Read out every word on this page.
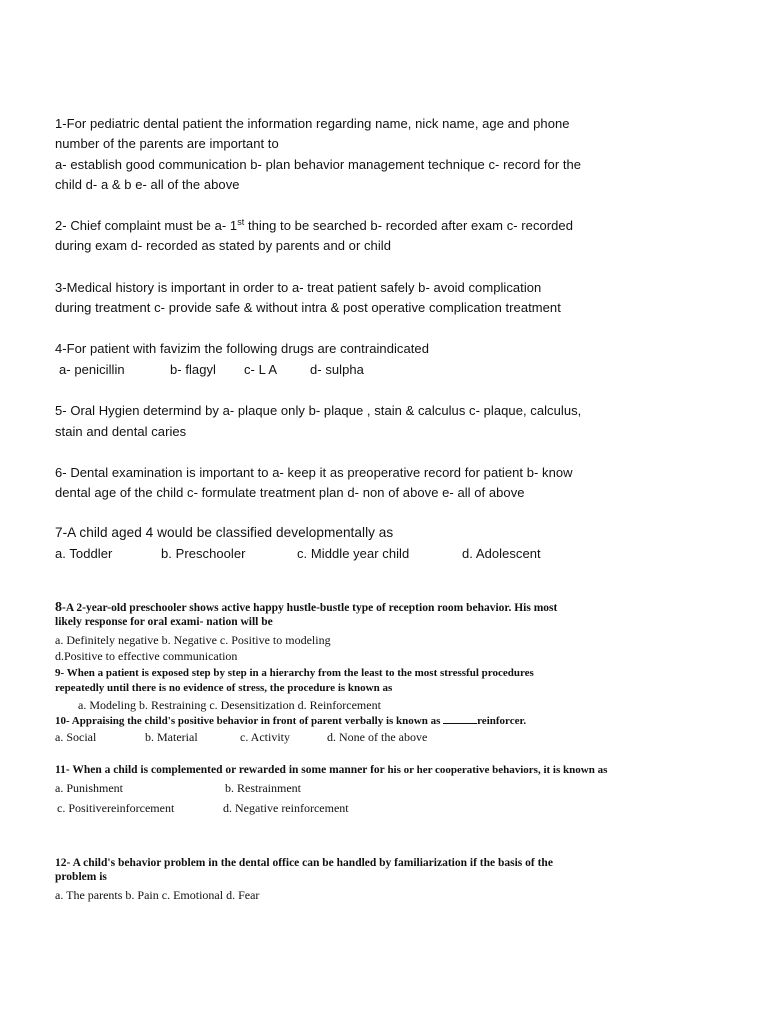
1-For pediatric dental patient the information regarding name, nick name, age and phone
number of the parents are important to
a- establish good communication b- plan behavior management technique c- record for the
child d- a & b e- all of the above
2- Chief complaint must be a- 1st thing to be searched b- recorded after exam c- recorded
during exam d- recorded as stated by parents and or child
3-Medical history is important in order to a- treat patient safely b- avoid complication
during treatment c- provide safe & without intra & post operative complication treatment
4-For patient with favizim the following drugs are contraindicated
a- penicillin	b- flagyl c- L A	d- sulpha
5- Oral Hygien determind by a- plaque only b- plaque , stain & calculus c- plaque, calculus,
stain and dental caries
6- Dental examination is important to a- keep it as preoperative record for patient b- know
dental age of the child c- formulate treatment plan d- non of above e- all of above
7-A child aged 4 would be classified developmentally as
a. Toddler	b. Preschooler	c. Middle year child	d. Adolescent
8-A 2-year-old preschooler shows active happy hustle-bustle type of reception room behavior. His most
likely response for oral exami- nation will be
a. Definitely negative b. Negative c. Positive to modeling
d.Positive to effective communication
9- When a patient is exposed step by step in a hierarchy from the least to the most stressful procedures
repeatedly until there is no evidence of stress, the procedure is known as
a. Modeling b. Restraining c. Desensitization d. Reinforcement
10- Appraising the child's positive behavior in front of parent verbally is known as	reinforcer.
a. Social	b. Material	c. Activity	d. None of the above
11- When a child is complemented or rewarded in some manner for his or her cooperative behaviors, it is known as
a. Punishment	b. Restrainment
c. Positivereinforcement	d. Negative reinforcement
12- A child's behavior problem in the dental office can be handled by familiarization if the basis of the
problem is
a. The parents b. Pain c. Emotional d. Fear
